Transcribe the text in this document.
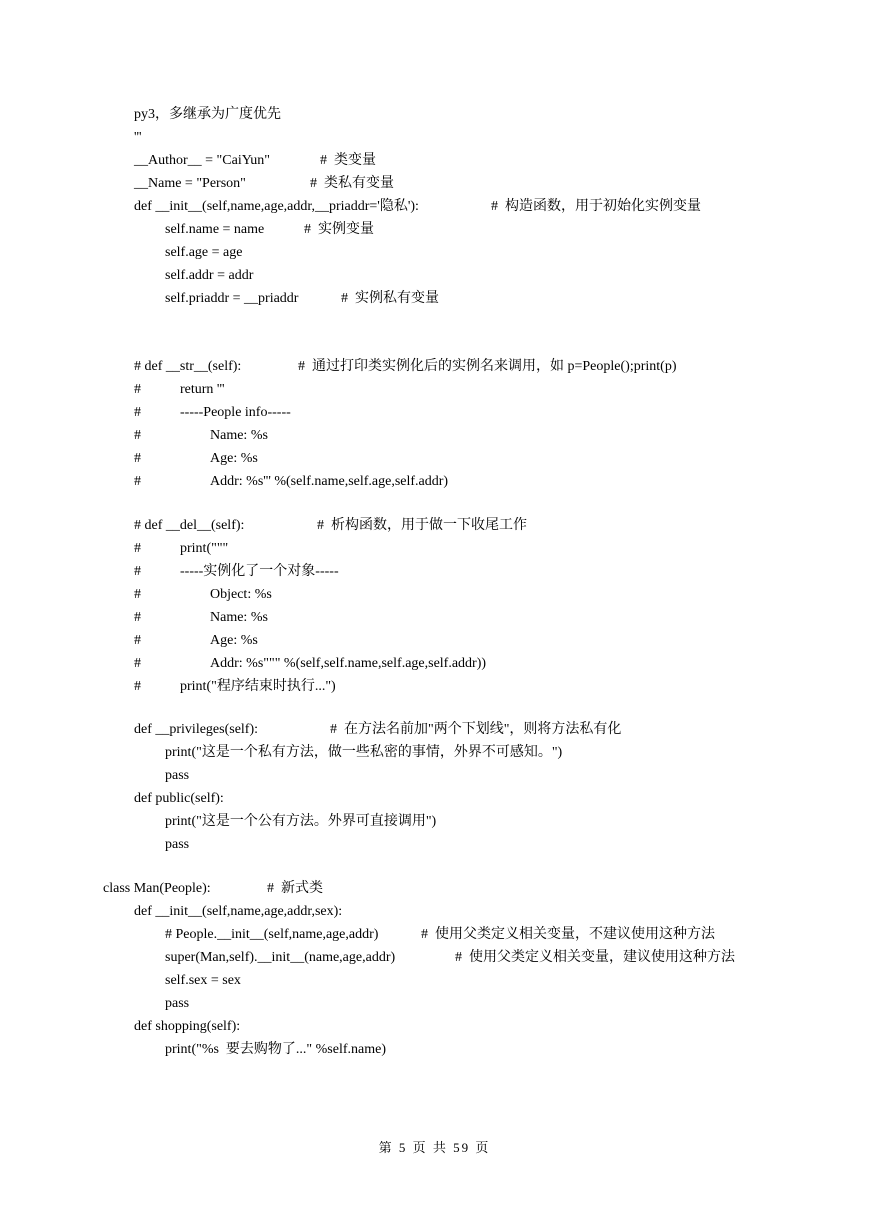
py3，多继承为广度优先
'''
__Author__ = "CaiYun"	#  类变量
__Name = "Person"	#  类私有变量
def __init__(self,name,age,addr,__priaddr='隐私'):	#  构造函数，用于初始化实例变量
self.name = name	#  实例变量
self.age = age
self.addr = addr
self.priaddr = __priaddr	#  实例私有变量
# def __str__(self):	#  通过打印类实例化后的实例名来调用，如 p=People();print(p)
#	return '''
#	-----People info-----
#	Name: %s
#	Age: %s
#	Addr: %s''' %(self.name,self.age,self.addr)
# def __del__(self):	#  析构函数，用于做一下收尾工作
#	print("""
#	-----实例化了一个对象-----
#	Object: %s
#	Name: %s
#	Age: %s
#	Addr: %s""" %(self,self.name,self.age,self.addr))
#	print("程序结束时执行...")
def __privileges(self):	#  在方法名前加"两个下划线"，则将方法私有化
print("这是一个私有方法，做一些私密的事情，外界不可感知。")
pass
def public(self):
print("这是一个公有方法。外界可直接调用")
pass
class Man(People):	#  新式类
def __init__(self,name,age,addr,sex):
# People.__init__(self,name,age,addr)	#  使用父类定义相关变量，不建议使用这种方法
super(Man,self).__init__(name,age,addr)	#  使用父类定义相关变量，建议使用这种方法
self.sex = sex
pass
def shopping(self):
print("%s  要去购物了..." %self.name)
第 5 页 共 59 页
